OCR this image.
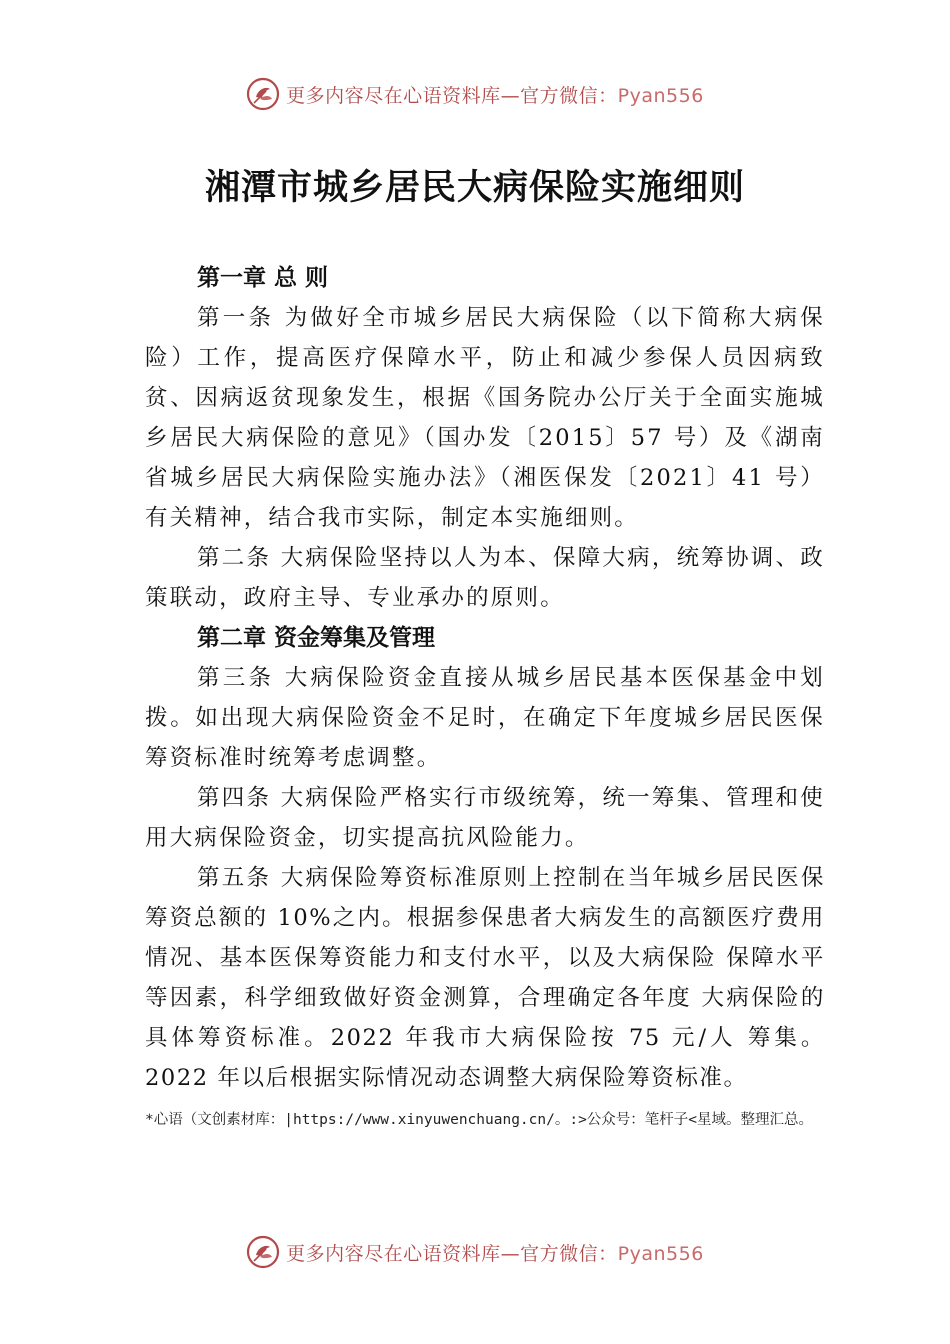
更多内容尽在心语资料库—官方微信：Pyan556
湘潭市城乡居民大病保险实施细则

第一章 总 则

第一条 为做好全市城乡居民大病保险（以下简称大病保险）工作，提高医疗保障水平，防止和减少参保人员因病致贫、因病返贫现象发生，根据《国务院办公厅关于全面实施城乡居民大病保险的意见》（国办发〔2015〕57 号）及《湖南省城乡居民大病保险实施办法》（湘医保发〔2021〕41 号） 有关精神，结合我市实际，制定本实施细则。

第二条 大病保险坚持以人为本、保障大病，统筹协调、政策联动，政府主导、专业承办的原则。

第二章 资金筹集及管理

第三条 大病保险资金直接从城乡居民基本医保基金中划拨。如出现大病保险资金不足时，在确定下年度城乡居民医保筹资标准时统筹考虑调整。

第四条 大病保险严格实行市级统筹，统一筹集、管理和使用大病保险资金，切实提高抗风险能力。

第五条 大病保险筹资标准原则上控制在当年城乡居民医保筹资总额的 10%之内。根据参保患者大病发生的高额医疗费用情况、基本医保筹资能力和支付水平，以及大病保险 保障水平等因素，科学细致做好资金测算，合理确定各年度 大病保险的具体筹资标准。2022 年我市大病保险按 75 元/人 筹集。2022 年以后根据实际情况动态调整大病保险筹资标准。

*心语（文创素材库：|https://www.xinyuwenchuang.cn/。:>公众号：笔杆子<星域。整理汇总。
更多内容尽在心语资料库—官方微信：Pyan556
